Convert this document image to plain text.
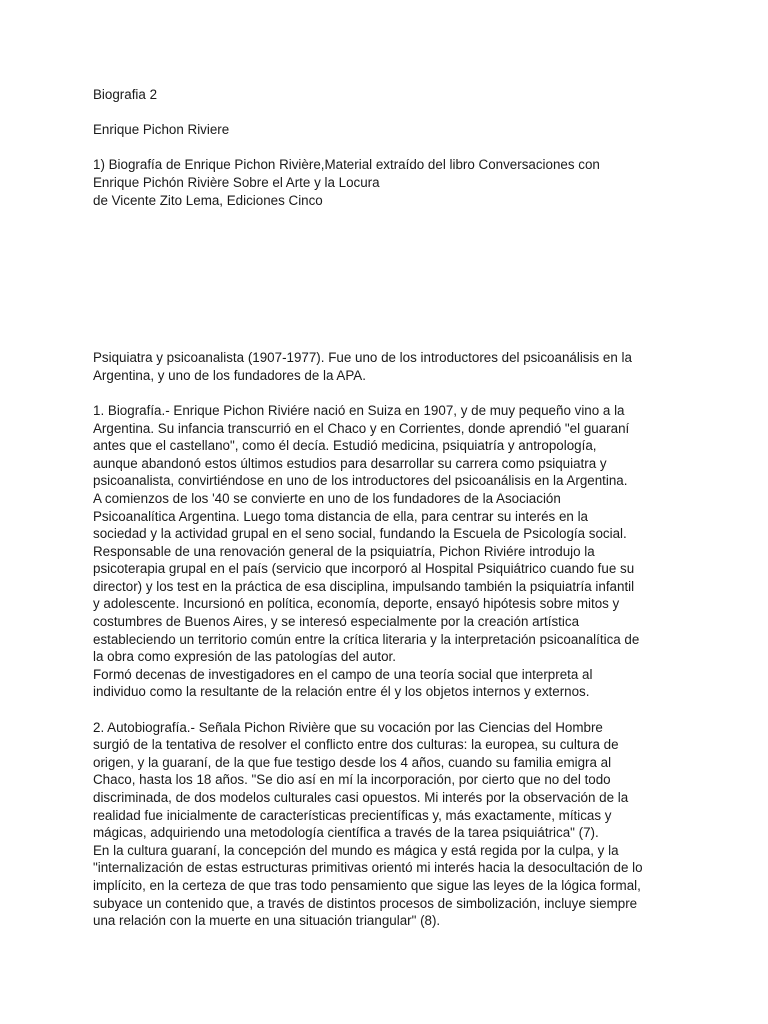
Biografia 2
Enrique Pichon Riviere
1) Biografía de Enrique Pichon Rivière,Material extraído del libro Conversaciones con
Enrique Pichón Rivière Sobre el Arte y la Locura
de Vicente Zito Lema, Ediciones Cinco
Psiquiatra y psicoanalista (1907-1977). Fue uno de los introductores del psicoanálisis en la
Argentina, y uno de los fundadores de la APA.
1. Biografía.- Enrique Pichon Riviére nació en Suiza en 1907, y de muy pequeño vino a la
Argentina. Su infancia transcurrió en el Chaco y en Corrientes, donde aprendió "el guaraní
antes que el castellano", como él decía. Estudió medicina, psiquiatría y antropología,
aunque abandonó estos últimos estudios para desarrollar su carrera como psiquiatra y
psicoanalista, convirtiéndose en uno de los introductores del psicoanálisis en la Argentina.
A comienzos de los '40 se convierte en uno de los fundadores de la Asociación
Psicoanalítica Argentina. Luego toma distancia de ella, para centrar su interés en la
sociedad y la actividad grupal en el seno social, fundando la Escuela de Psicología social.
Responsable de una renovación general de la psiquiatría, Pichon Riviére introdujo la
psicoterapia grupal en el país (servicio que incorporó al Hospital Psiquiátrico cuando fue su
director) y los test en la práctica de esa disciplina, impulsando también la psiquiatría infantil
y adolescente. Incursionó en política, economía, deporte, ensayó hipótesis sobre mitos y
costumbres de Buenos Aires, y se interesó especialmente por la creación artística
estableciendo un territorio común entre la crítica literaria y la interpretación psicoanalítica de
la obra como expresión de las patologías del autor.
Formó decenas de investigadores en el campo de una teoría social que interpreta al
individuo como la resultante de la relación entre él y los objetos internos y externos.
2. Autobiografía.- Señala Pichon Rivière que su vocación por las Ciencias del Hombre
surgió de la tentativa de resolver el conflicto entre dos culturas: la europea, su cultura de
origen, y la guaraní, de la que fue testigo desde los 4 años, cuando su familia emigra al
Chaco, hasta los 18 años. "Se dio así en mí la incorporación, por cierto que no del todo
discriminada, de dos modelos culturales casi opuestos. Mi interés por la observación de la
realidad fue inicialmente de características precientíficas y, más exactamente, míticas y
mágicas, adquiriendo una metodología científica a través de la tarea psiquiátrica" (7).
En la cultura guaraní, la concepción del mundo es mágica y está regida por la culpa, y la
"internalización de estas estructuras primitivas orientó mi interés hacia la desocultación de lo
implícito, en la certeza de que tras todo pensamiento que sigue las leyes de la lógica formal,
subyace un contenido que, a través de distintos procesos de simbolización, incluye siempre
una relación con la muerte en una situación triangular" (8).
